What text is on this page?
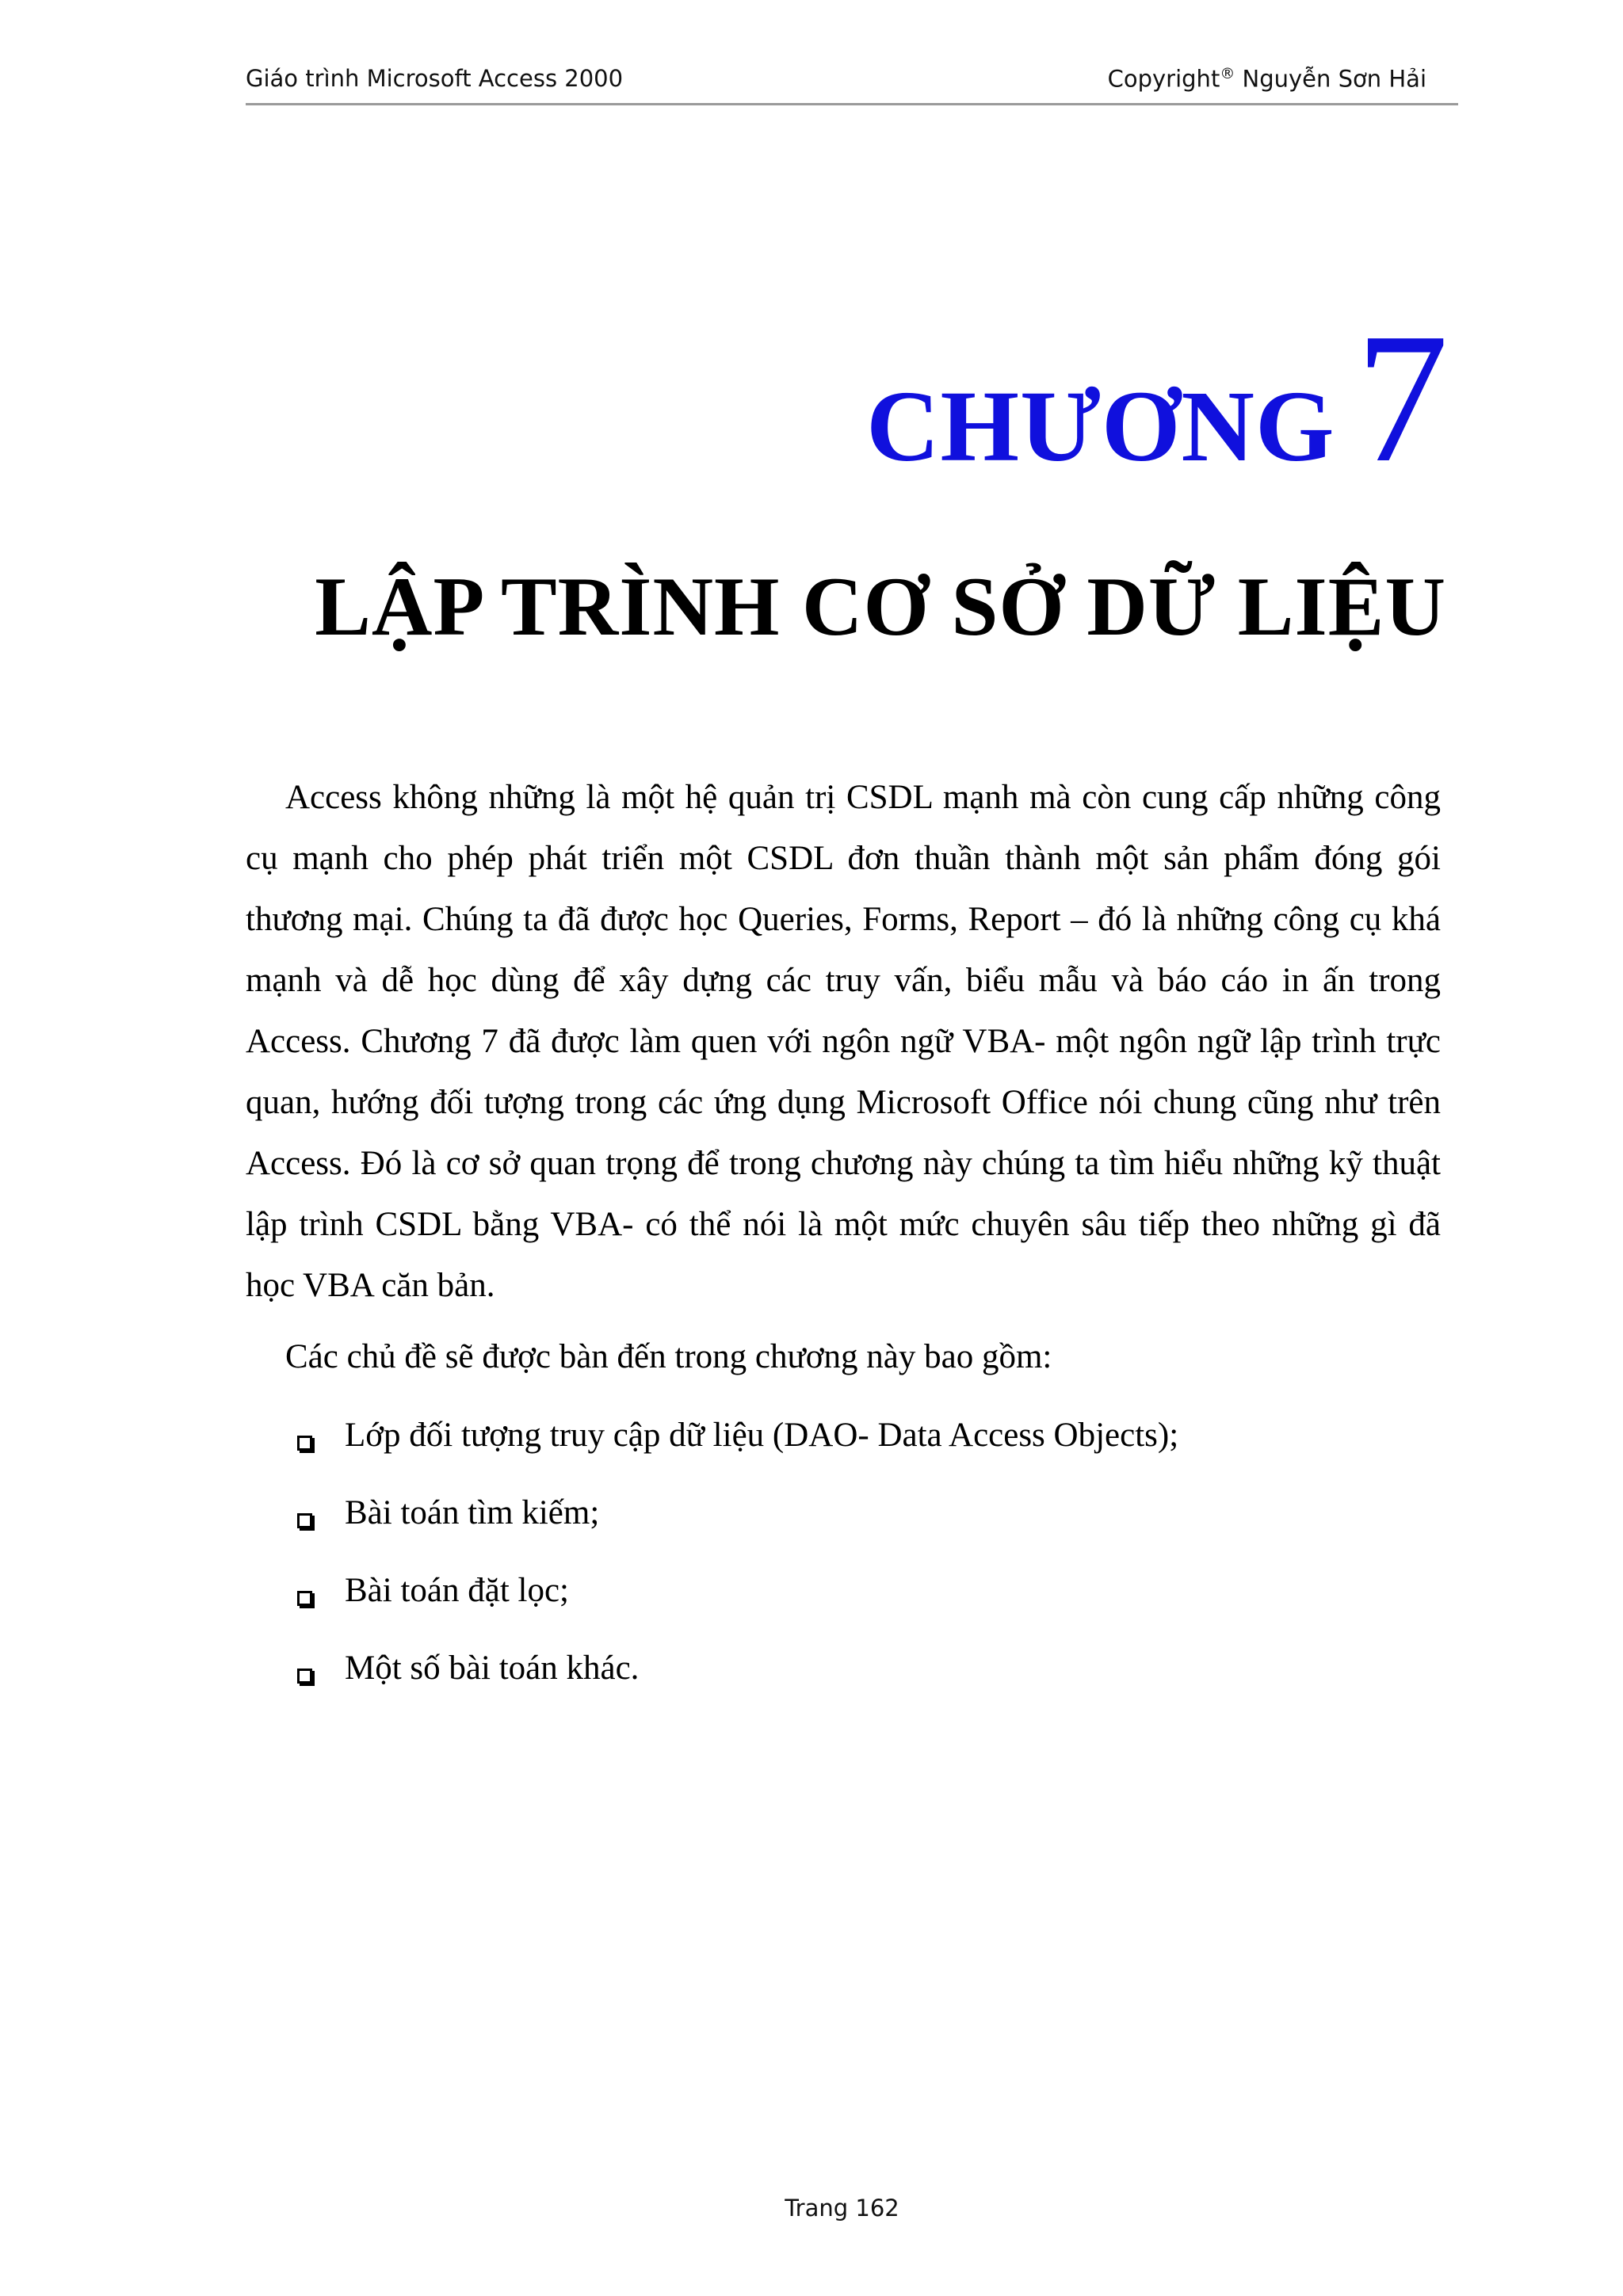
Giáo trình Microsoft Access 2000	Copyright® Nguyễn Sơn Hải
CHƯƠNG 7
LẬP TRÌNH CƠ SỞ DỮ LIỆU

Access không những là một hệ quản trị CSDL mạnh mà còn cung cấp những công cụ mạnh cho phép phát triển một CSDL đơn thuần thành một sản phẩm đóng gói thương mại. Chúng ta đã được học Queries, Forms, Report – đó là những công cụ khá mạnh và dễ học dùng để xây dựng các truy vấn, biểu mẫu và báo cáo in ấn trong Access. Chương 7 đã được làm quen với ngôn ngữ VBA- một ngôn ngữ lập trình trực quan, hướng đối tượng trong các ứng dụng Microsoft Office nói chung cũng như trên Access. Đó là cơ sở quan trọng để trong chương này chúng ta tìm hiểu những kỹ thuật lập trình CSDL bằng VBA- có thể nói là một mức chuyên sâu tiếp theo những gì đã học VBA căn bản.

Các chủ đề sẽ được bàn đến trong chương này bao gồm:

Lớp đối tượng truy cập dữ liệu (DAO- Data Access Objects);
Bài toán tìm kiếm;
Bài toán đặt lọc;
Một số bài toán khác.
Trang 162
